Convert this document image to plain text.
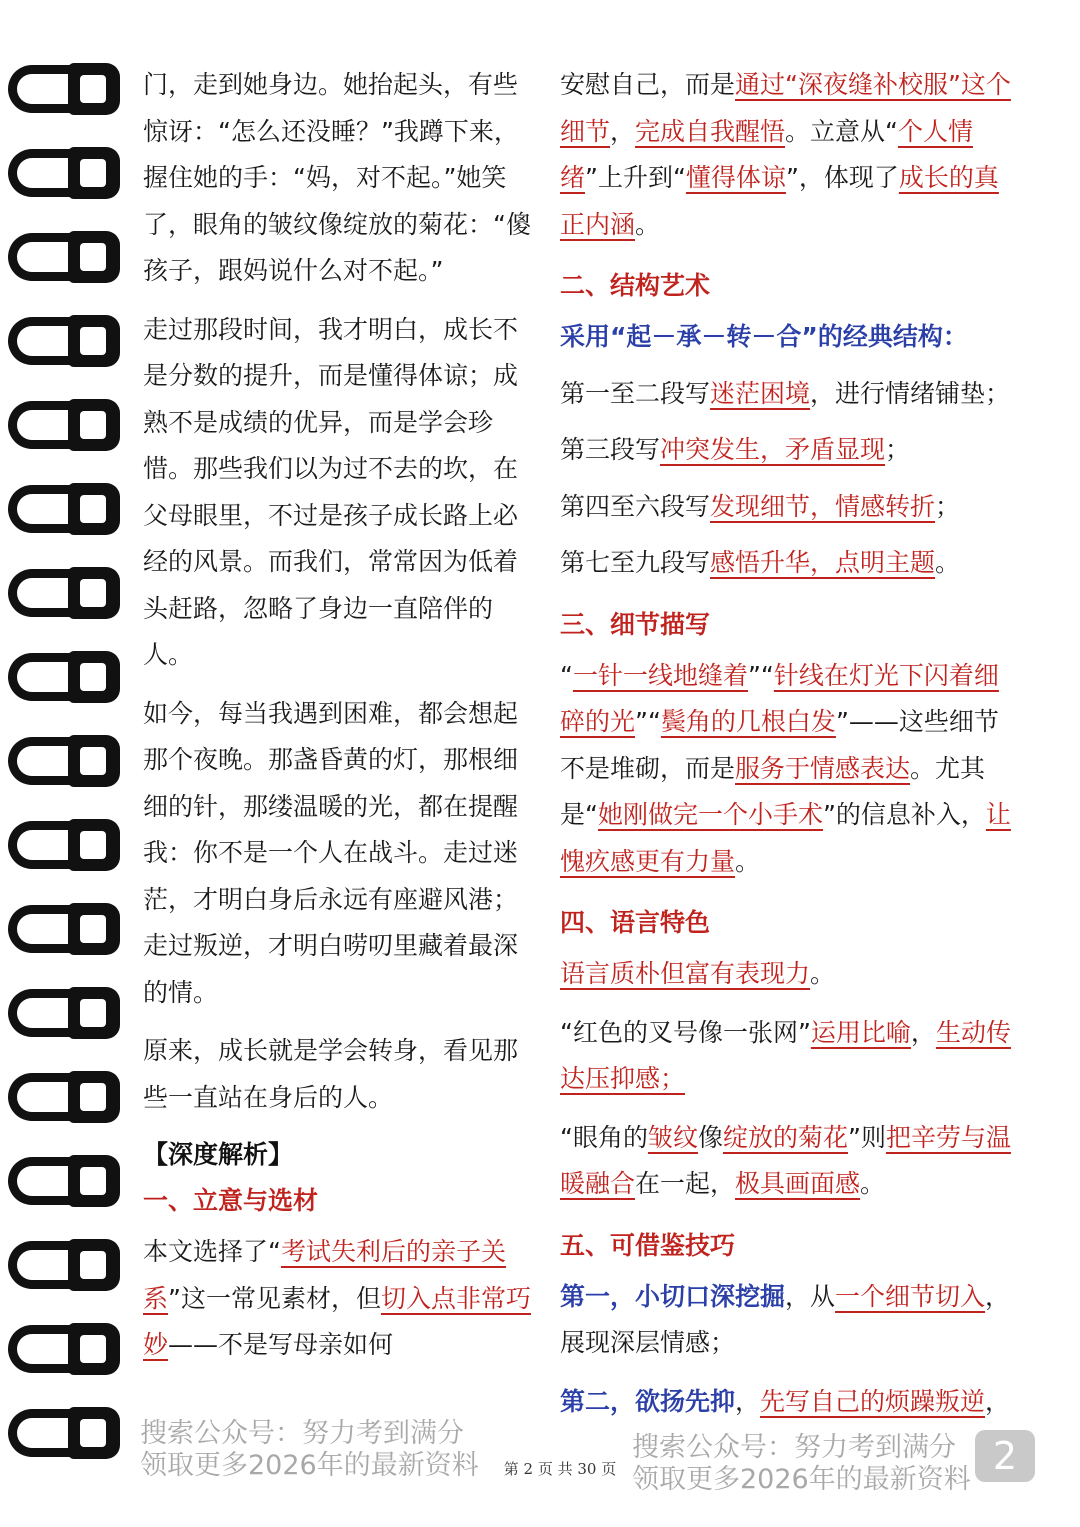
门，走到她身边。她抬起头，有些惊讶：“怎么还没睡？”我蹲下来，握住她的手：“妈，对不起。”她笑了，眼角的皱纹像绽放的菊花：“傻孩子，跟妈说什么对不起。”

走过那段时间，我才明白，成长不是分数的提升，而是懂得体谅；成熟不是成绩的优异，而是学会珍惜。那些我们以为过不去的坎，在父母眼里，不过是孩子成长路上必经的风景。而我们，常常因为低着头赶路，忽略了身边一直陪伴的人。

如今，每当我遇到困难，都会想起那个夜晚。那盏昏黄的灯，那根细细的针，那缕温暖的光，都在提醒我：你不是一个人在战斗。走过迷茫，才明白身后永远有座避风港；走过叛逆，才明白唠叨里藏着最深的情。

原来，成长就是学会转身，看见那些一直站在身后的人。

【深度解析】
一、立意与选材

本文选择了“考试失利后的亲子关系”这一常见素材，但切入点非常巧妙——不是写母亲如何

安慰自己，而是通过“深夜缝补校服”这个细节，完成自我醒悟。立意从“个人情绪”上升到“懂得体谅”，体现了成长的真正内涵。

二、结构艺术

采用“起－承－转－合”的经典结构：

第一至二段写迷茫困境，进行情绪铺垫；

第三段写冲突发生，矛盾显现；

第四至六段写发现细节，情感转折；

第七至九段写感悟升华，点明主题。

三、细节描写

“一针一线地缝着”“针线在灯光下闪着细碎的光”“鬓角的几根白发”——这些细节不是堆砌，而是服务于情感表达。尤其是“她刚做完一个小手术”的信息补入，让愧疚感更有力量。

四、语言特色

语言质朴但富有表现力。

“红色的叉号像一张网”运用比喻，生动传达压抑感；

“眼角的皱纹像绽放的菊花”则把辛劳与温暖融合在一起，极具画面感。

五、可借鉴技巧

第一，小切口深挖掘，从一个细节切入，展现深层情感；

第二，欲扬先抑，先写自己的烦躁叛逆，

搜索公众号：努力考到满分
领取更多2026年的最新资料
搜索公众号：努力考到满分
领取更多2026年的最新资料
第 2 页 共 30 页	2
